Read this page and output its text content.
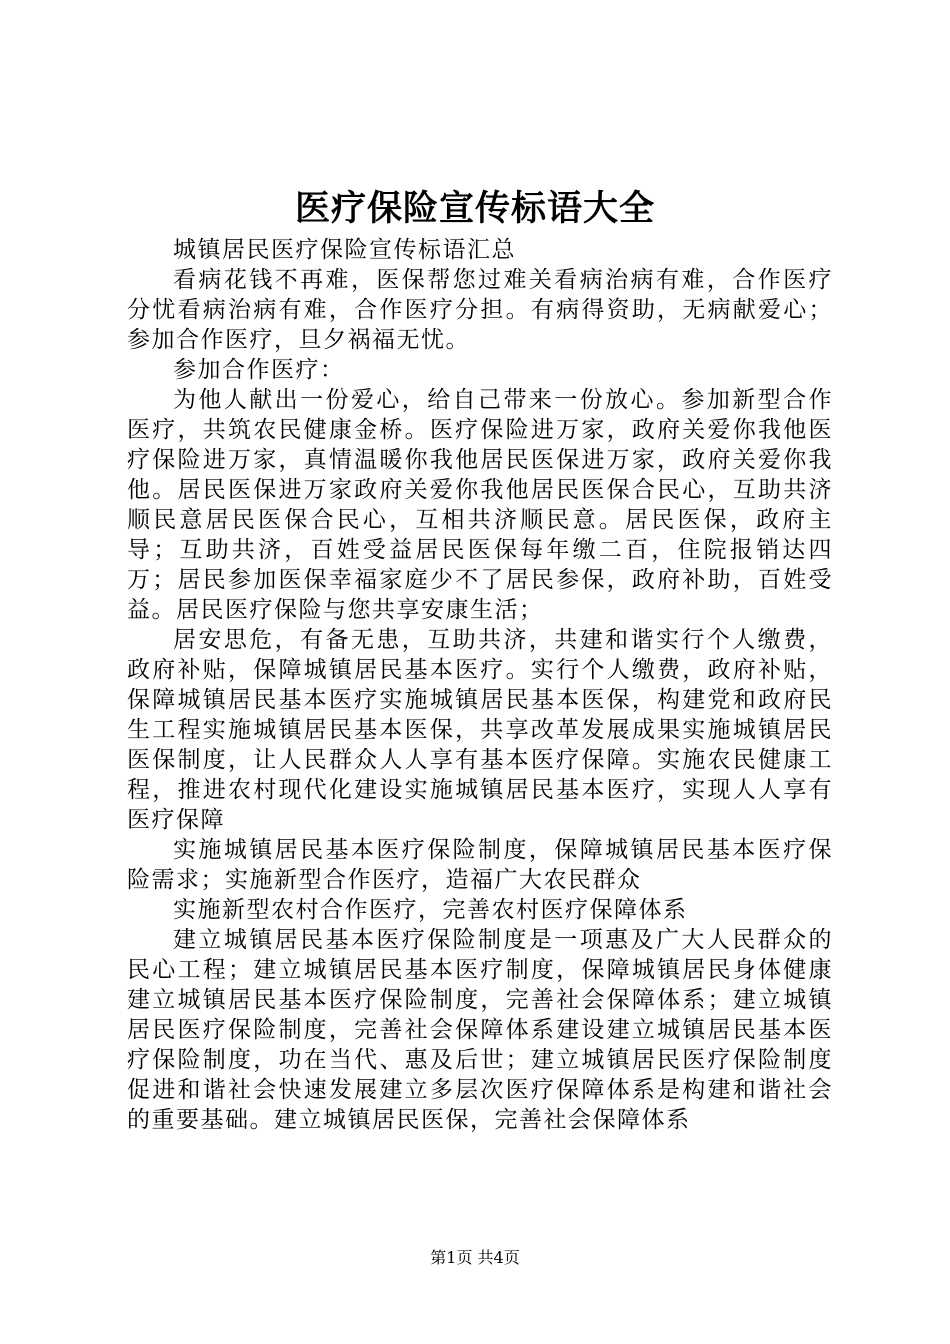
医疗保险宣传标语大全

城镇居民医疗保险宣传标语汇总

看病花钱不再难，医保帮您过难关看病治病有难，合作医疗分忧看病治病有难，合作医疗分担。有病得资助，无病献爱心；参加合作医疗，旦夕祸福无忧。

参加合作医疗：

为他人献出一份爱心，给自己带来一份放心。参加新型合作医疗，共筑农民健康金桥。医疗保险进万家，政府关爱你我他医疗保险进万家，真情温暖你我他居民医保进万家，政府关爱你我他。居民医保进万家政府关爱你我他居民医保合民心，互助共济顺民意居民医保合民心，互相共济顺民意。居民医保，政府主导；互助共济，百姓受益居民医保每年缴二百，住院报销达四万；居民参加医保幸福家庭少不了居民参保，政府补助，百姓受益。居民医疗保险与您共享安康生活；

居安思危，有备无患，互助共济，共建和谐实行个人缴费，政府补贴，保障城镇居民基本医疗。实行个人缴费，政府补贴，保障城镇居民基本医疗实施城镇居民基本医保，构建党和政府民生工程实施城镇居民基本医保，共享改革发展成果实施城镇居民医保制度，让人民群众人人享有基本医疗保障。实施农民健康工程，推进农村现代化建设实施城镇居民基本医疗，实现人人享有医疗保障

实施城镇居民基本医疗保险制度，保障城镇居民基本医疗保险需求；实施新型合作医疗，造福广大农民群众

实施新型农村合作医疗，完善农村医疗保障体系

建立城镇居民基本医疗保险制度是一项惠及广大人民群众的民心工程；建立城镇居民基本医疗制度，保障城镇居民身体健康建立城镇居民基本医疗保险制度，完善社会保障体系；建立城镇居民医疗保险制度，完善社会保障体系建设建立城镇居民基本医疗保险制度，功在当代、惠及后世；建立城镇居民医疗保险制度促进和谐社会快速发展建立多层次医疗保障体系是构建和谐社会的重要基础。建立城镇居民医保，完善社会保障体系

第1页 共4页
